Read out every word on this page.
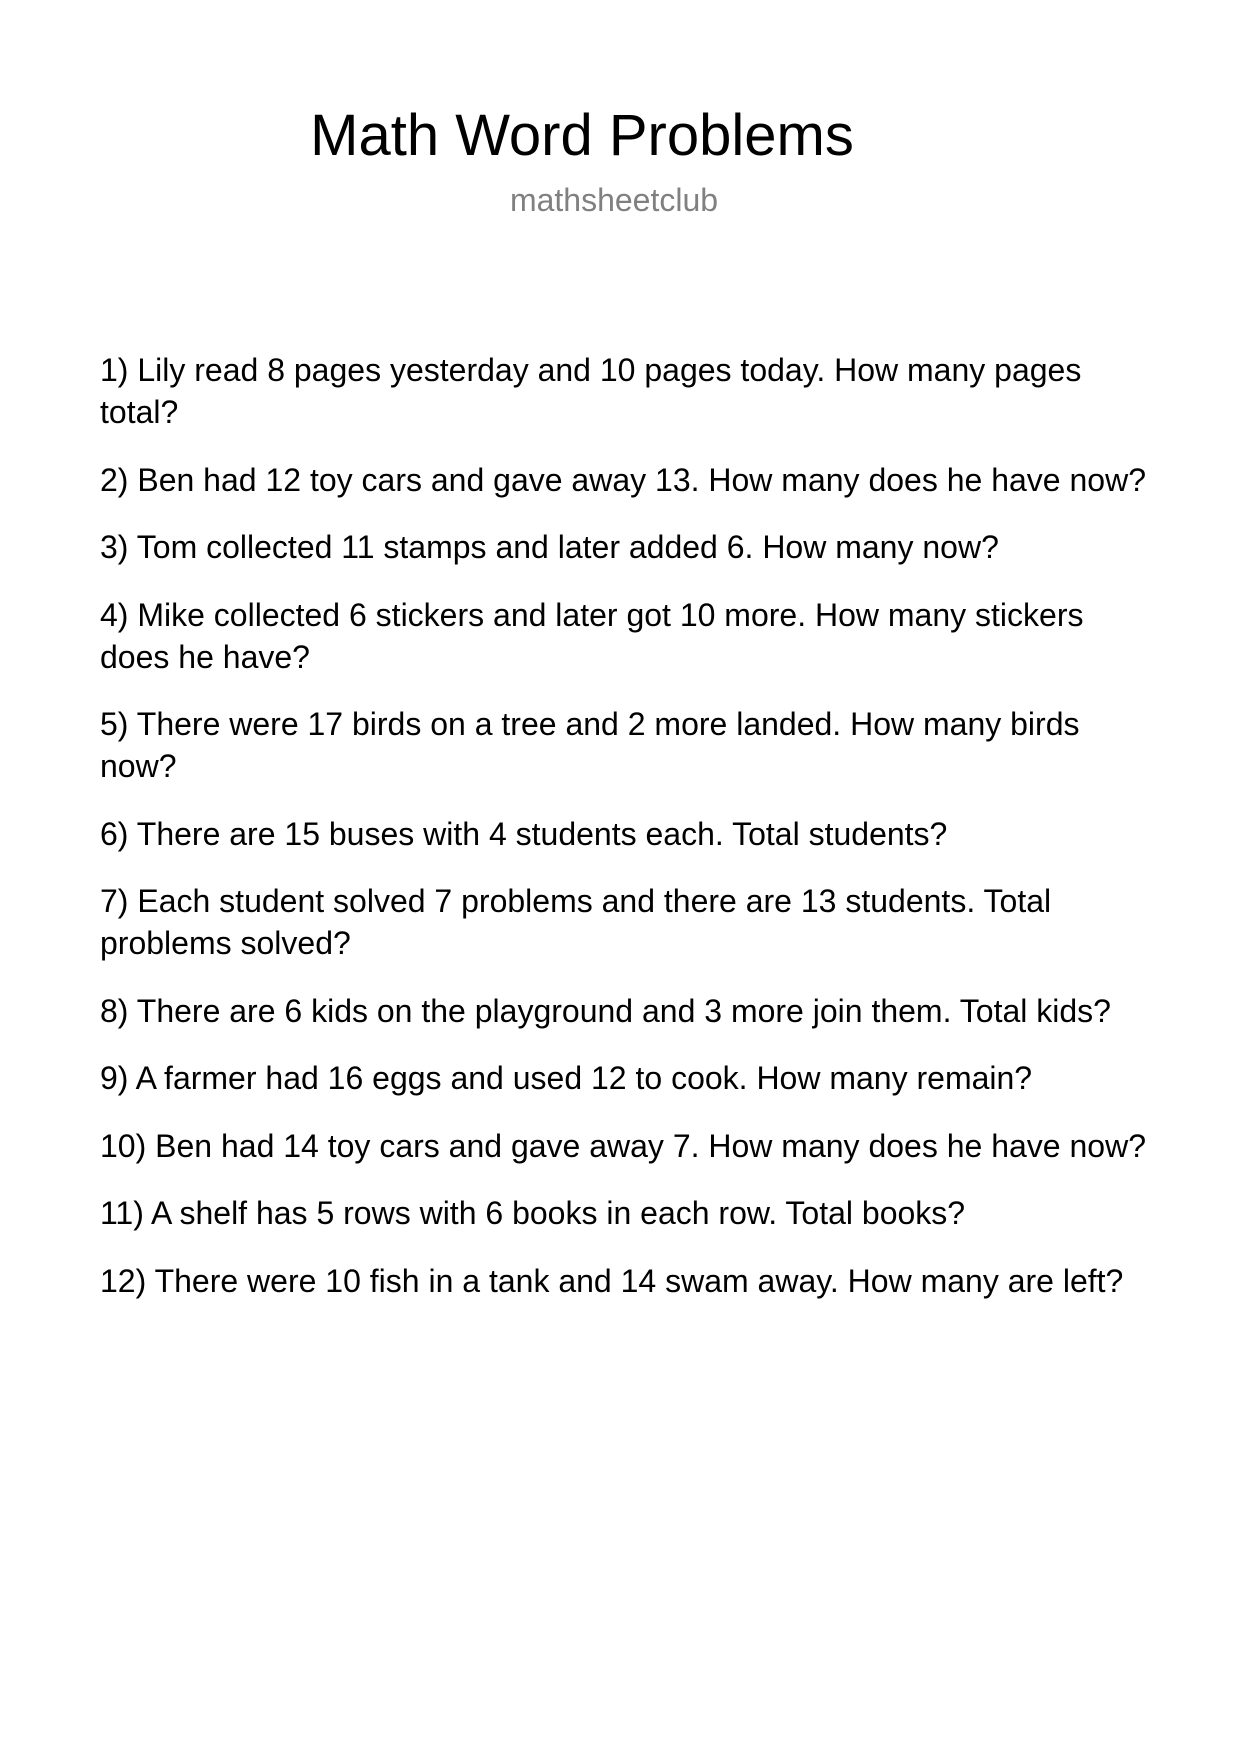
Math Word Problems
mathsheetclub
1) Lily read 8 pages yesterday and 10 pages today. How many pages total?
2) Ben had 12 toy cars and gave away 13. How many does he have now?
3) Tom collected 11 stamps and later added 6. How many now?
4) Mike collected 6 stickers and later got 10 more. How many stickers does he have?
5) There were 17 birds on a tree and 2 more landed. How many birds now?
6) There are 15 buses with 4 students each. Total students?
7) Each student solved 7 problems and there are 13 students. Total problems solved?
8) There are 6 kids on the playground and 3 more join them. Total kids?
9) A farmer had 16 eggs and used 12 to cook. How many remain?
10) Ben had 14 toy cars and gave away 7. How many does he have now?
11) A shelf has 5 rows with 6 books in each row. Total books?
12) There were 10 fish in a tank and 14 swam away. How many are left?
